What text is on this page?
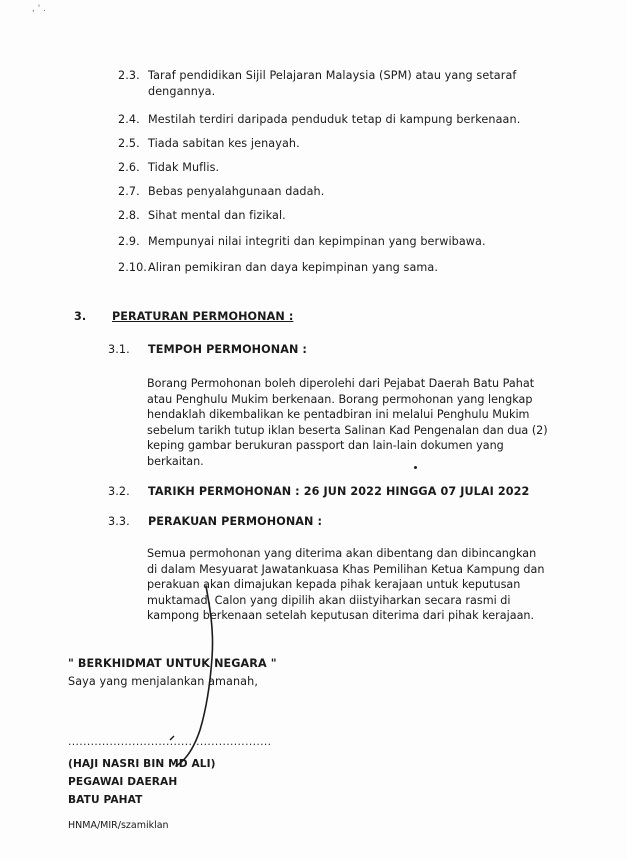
, ' .
2.3. Taraf pendidikan Sijil Pelajaran Malaysia (SPM) atau yang setaraf
dengannya.
2.4. Mestilah terdiri daripada penduduk tetap di kampung berkenaan.
2.5. Tiada sabitan kes jenayah.
2.6. Tidak Muflis.
2.7. Bebas penyalahgunaan dadah.
2.8. Sihat mental dan fizikal.
2.9. Mempunyai nilai integriti dan kepimpinan yang berwibawa.
2.10. Aliran pemikiran dan daya kepimpinan yang sama.
3. PERATURAN PERMOHONAN :
3.1. TEMPOH PERMOHONAN :
Borang Permohonan boleh diperolehi dari Pejabat Daerah Batu Pahat
atau Penghulu Mukim berkenaan. Borang permohonan yang lengkap
hendaklah dikembalikan ke pentadbiran ini melalui Penghulu Mukim
sebelum tarikh tutup iklan beserta Salinan Kad Pengenalan dan dua (2)
keping gambar berukuran passport dan lain-lain dokumen yang
berkaitan.
3.2. TARIKH PERMOHONAN : 26 JUN 2022 HINGGA 07 JULAI 2022
3.3. PERAKUAN PERMOHONAN :
Semua permohonan yang diterima akan dibentang dan dibincangkan
di dalam Mesyuarat Jawatankuasa Khas Pemilihan Ketua Kampung dan
perakuan akan dimajukan kepada pihak kerajaan untuk keputusan
muktamad. Calon yang dipilih akan diistyiharkan secara rasmi di
kampong berkenaan setelah keputusan diterima dari pihak kerajaan.
" BERKHIDMAT UNTUK NEGARA "
Saya yang menjalankan amanah,
......................................................
(HAJI NASRI BIN MD ALI)
PEGAWAI DAERAH
BATU PAHAT
HNMA/MIR/szamiklan
